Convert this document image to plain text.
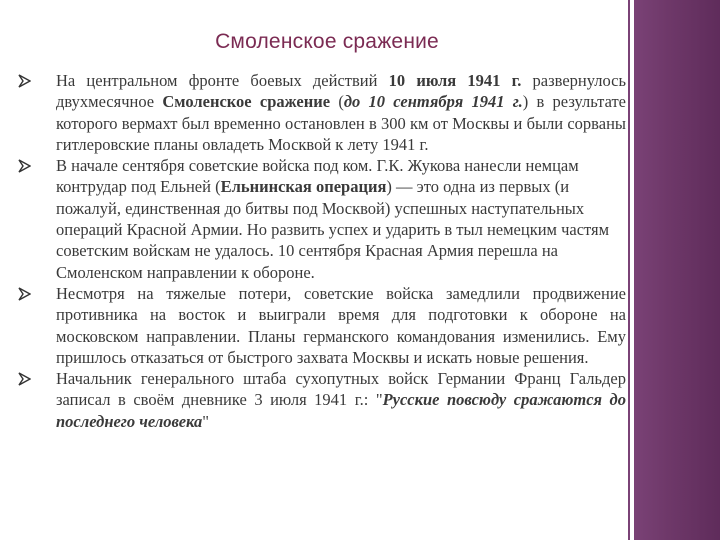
Смоленское сражение
На центральном фронте боевых действий 10 июля 1941 г. развернулось двухмесячное Смоленское сражение (до 10 сентября 1941 г.) в результате которого вермахт был временно остановлен в 300 км от Москвы и были сорваны гитлеровские планы овладеть Москвой к лету 1941 г.
В начале сентября советские войска под ком. Г.К. Жукова нанесли немцам контрудар под Ельней (Ельнинская операция) — это одна из первых (и пожалуй, единственная до битвы под Москвой) успешных наступательных операций Красной Армии. Но развить успех и ударить в тыл немецким частям советским войскам не удалось. 10 сентября Красная Армия перешла на Смоленском направлении к обороне.
Несмотря на тяжелые потери, советские войска замедлили продвижение противника на восток и выиграли время для подготовки к обороне на московском направлении. Планы германского командования изменились. Ему пришлось отказаться от быстрого захвата Москвы и искать новые решения.
Начальник генерального штаба сухопутных войск Германии Франц Гальдер записал в своём дневнике 3 июля 1941 г.: "Русские повсюду сражаются до последнего человека"
